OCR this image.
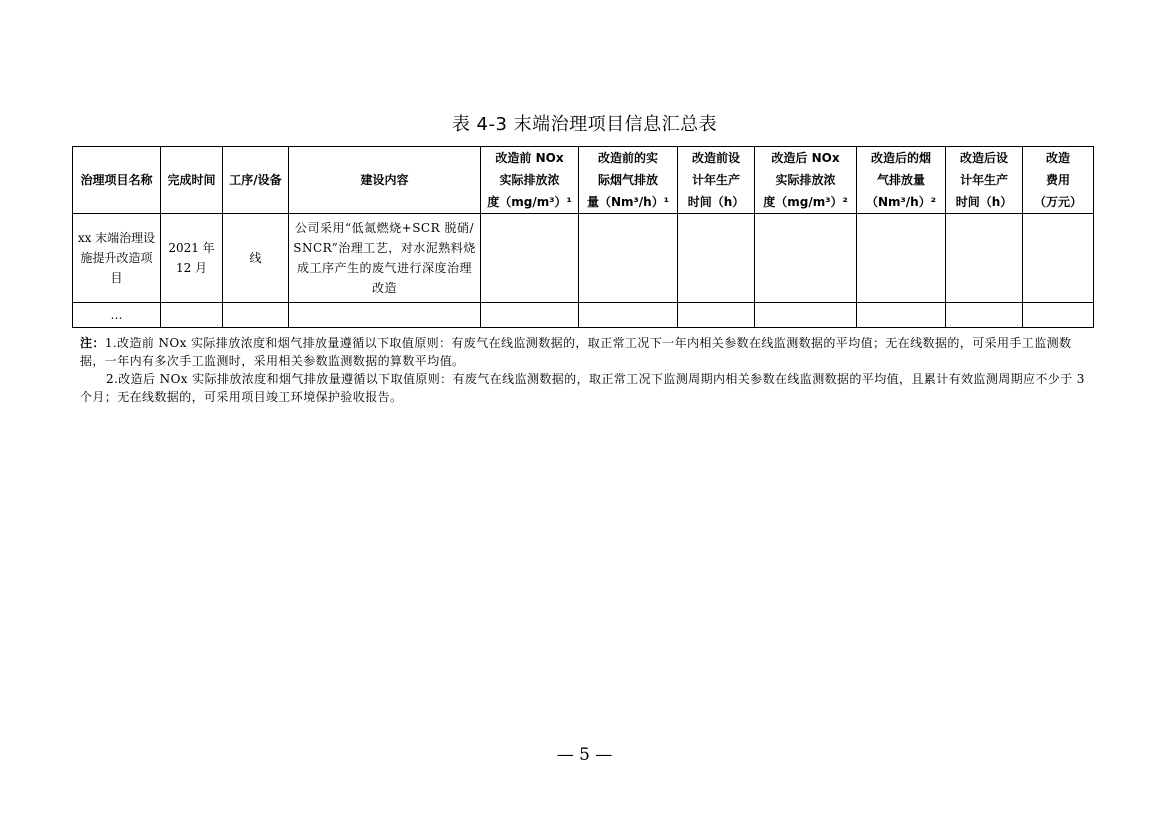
表 4-3 末端治理项目信息汇总表
治理项目名称	完成时间	工序/设备	建设内容	改造前 NOx
实际排放浓
度（mg/m³）¹	改造前的实
际烟气排放
量（Nm³/h）¹	改造前设
计年生产
时间（h）	改造后 NOx
实际排放浓
度（mg/m³）²	改造后的烟
气排放量
（Nm³/h）²	改造后设
计年生产
时间（h）	改造
费用
（万元）

xx 末端治理设施提升改造项目	2021 年 12 月	线	公司采用“低氮燃烧+SCR 脱硝/SNCR”治理工艺，对水泥熟料烧成工序产生的废气进行深度治理改造							
…										

注：1.改造前 NOx 实际排放浓度和烟气排放量遵循以下取值原则：有废气在线监测数据的，取正常工况下一年内相关参数在线监测数据的平均值；无在线数据的，可采用手工监测数据，一年内有多次手工监测时，采用相关参数监测数据的算数平均值。

2.改造后 NOx 实际排放浓度和烟气排放量遵循以下取值原则：有废气在线监测数据的，取正常工况下监测周期内相关参数在线监测数据的平均值，且累计有效监测周期应不少于 3 个月；无在线数据的，可采用项目竣工环境保护验收报告。

— 5 —
